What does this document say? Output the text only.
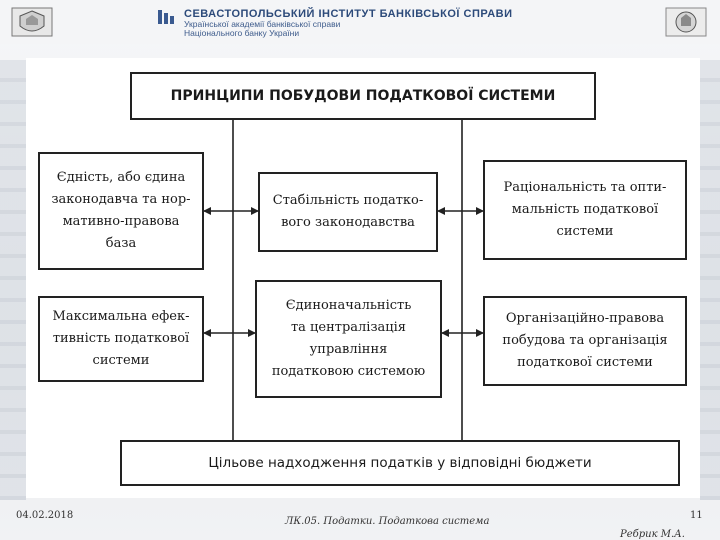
СЕВАСТОПОЛЬСЬКИЙ ІНСТИТУТ БАНКІВСЬКОЇ СПРАВИ
Української академії банківської справи
Національного банку України
ПРИНЦИПИ ПОБУДОВИ ПОДАТКОВОЇ СИСТЕМИ
Єдність, або єдина
законодавча та нор-
мативно-правова
база
Стабільність податко-
вого законодавства
Раціональність та опти-
мальність податкової
системи
Максимальна ефек-
тивність податкової
системи
Єдиноначальність
та централізація
управління
податковою системою
Організаційно-правова
побудова та організація
податкової системи
Цільове надходження податків у відповідні бюджети
04.02.2018
ЛК.05. Податки. Податкова система
11
Ребрик М.А.
